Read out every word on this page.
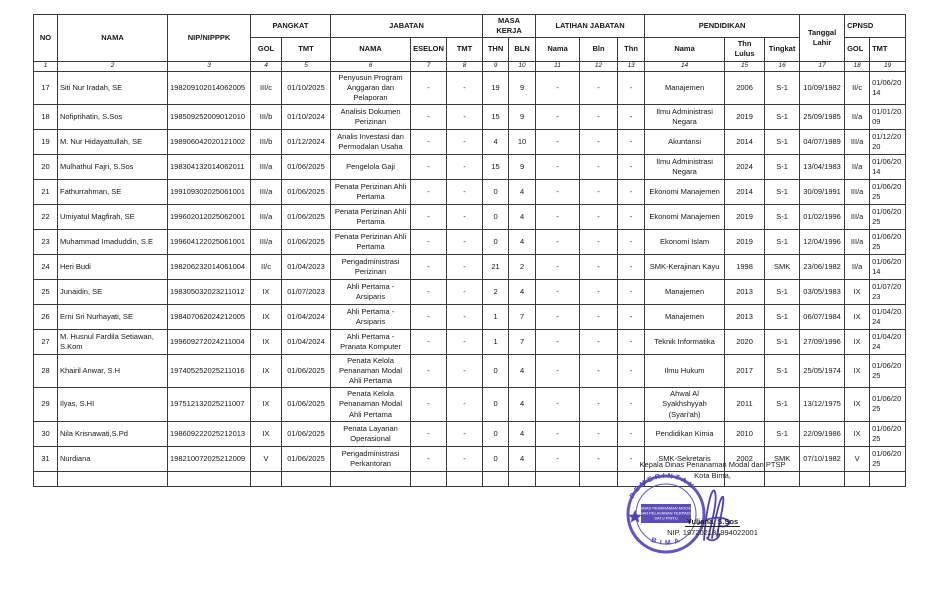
NO	NAMA	NIP/NIPPPK	PANGKAT		JABATAN			MASA KERJA		LATIHAN JABATAN			PENDIDIKAN			Tanggal Lahir	CPNSD	
			GOL	TMT	NAMA	ESELON	TMT	THN	BLN	Nama	Bln	Thn	Nama	Thn Lulus	Tingkat		GOL	TMT
1	2	3	4	5	6	7	8	9	10	11	12	13	14	15	16	17	18	19
17	Siti Nur Iradah, SE	198209102014062005	III/c	01/10/2025	Penyusun Program Anggaran dan Pelaporan	-	-	19	9	-	-	-	Manajemen	2006	S-1	10/09/1982	II/c	01/06/2014
18	Nofiprihatin, S.Sos	198509252009012010	III/b	01/10/2024	Analisis Dokumen Perizinan	-	-	15	9	-	-	-	Ilmu Administrasi Negara	2019	S-1	25/09/1985	II/a	01/01/2009
19	M. Nur Hidayattullah, SE	198906042020121002	III/b	01/12/2024	Analis Investasi dan Permodalan Usaha	-	-	4	10	-	-	-	Akuntansi	2014	S-1	04/07/1989	III/a	01/12/2020
20	Mulhathul Fajri, S.Sos	198304132014062011	III/a	01/06/2025	Pengelola Gaji	-	-	15	9	-	-	-	Ilmu Administrasi Negara	2024	S-1	13/04/1983	II/a	01/06/2014
21	Fathurrahman, SE	199109302025061001	III/a	01/06/2025	Penata Perizinan Ahli Pertama	-	-	0	4	-	-	-	Ekonomi Manajemen	2014	S-1	30/09/1991	III/a	01/06/2025
22	Umiyatul Magfirah, SE	199602012025062001	III/a	01/06/2025	Penata Perizinan Ahli Pertama	-	-	0	4	-	-	-	Ekonomi Manajemen	2019	S-1	01/02/1996	III/a	01/06/2025
23	Muhammad Imaduddin, S.E	199604122025061001	III/a	01/06/2025	Penata Perizinan Ahli Pertama	-	-	0	4	-	-	-	Ekonomi Islam	2019	S-1	12/04/1996	III/a	01/06/2025
24	Heri Budi	198206232014061004	II/c	01/04/2023	Pengadministrasi Perizinan	-	-	21	2	-	-	-	SMK-Kerajinan Kayu	1998	SMK	23/06/1982	II/a	01/06/2014
25	Junaidin, SE	198305032023211012	IX	01/07/2023	Ahli Pertama - Arsiparis	-	-	2	4	-	-	-	Manajemen	2013	S-1	03/05/1983	IX	01/07/2023
26	Erni Sri Nurhayati, SE	198407062024212005	IX	01/04/2024	Ahli Pertama - Arsiparis	-	-	1	7	-	-	-	Manajemen	2013	S-1	06/07/1984	IX	01/04/2024
27	M. Husnul Fardila Setiawan, S.Kom	199609272024211004	IX	01/04/2024	Ahli Pertama - Pranata Komputer	-	-	1	7	-	-	-	Teknik Informatika	2020	S-1	27/09/1996	IX	01/04/2024
28	Khairil Anwar, S.H	197405252025211016	IX	01/06/2025	Penata Kelola Penanaman Modal Ahli Pertama	-	-	0	4	-	-	-	Ilmu Hukum	2017	S-1	25/05/1974	IX	01/06/2025
29	Ilyas, S.HI	197512132025211007	IX	01/06/2025	Penata Kelola Penanaman Modal Ahli Pertama	-	-	0	4	-	-	-	Ahwal Al Syakhshyyah (Syari'ah)	2011	S-1	13/12/1975	IX	01/06/2025
30	Nila Krisnawati,S.Pd	198609222025212013	IX	01/06/2025	Penata Layanan Operasional	-	-	0	4	-	-	-	Pendidikan Kimia	2010	S-1	22/09/1986	IX	01/06/2025
31	Nurdiana	198210072025212009	V	01/06/2025	Pengadministrasi Perkantoran	-	-	0	4	-	-	-	SMK-Sekretaris	2002	SMK	07/10/1982	V	01/06/2025

Kepala Dinas Penanaman Modal dan PTSP
Kota Bima,
PEMERINTAH
BIMA
DINAS PENANAMAN MODAL
DAN PELAYANAN TERPADU
SATU PINTU	Yuliana, S.Sos
NIP. 197202131994022001
